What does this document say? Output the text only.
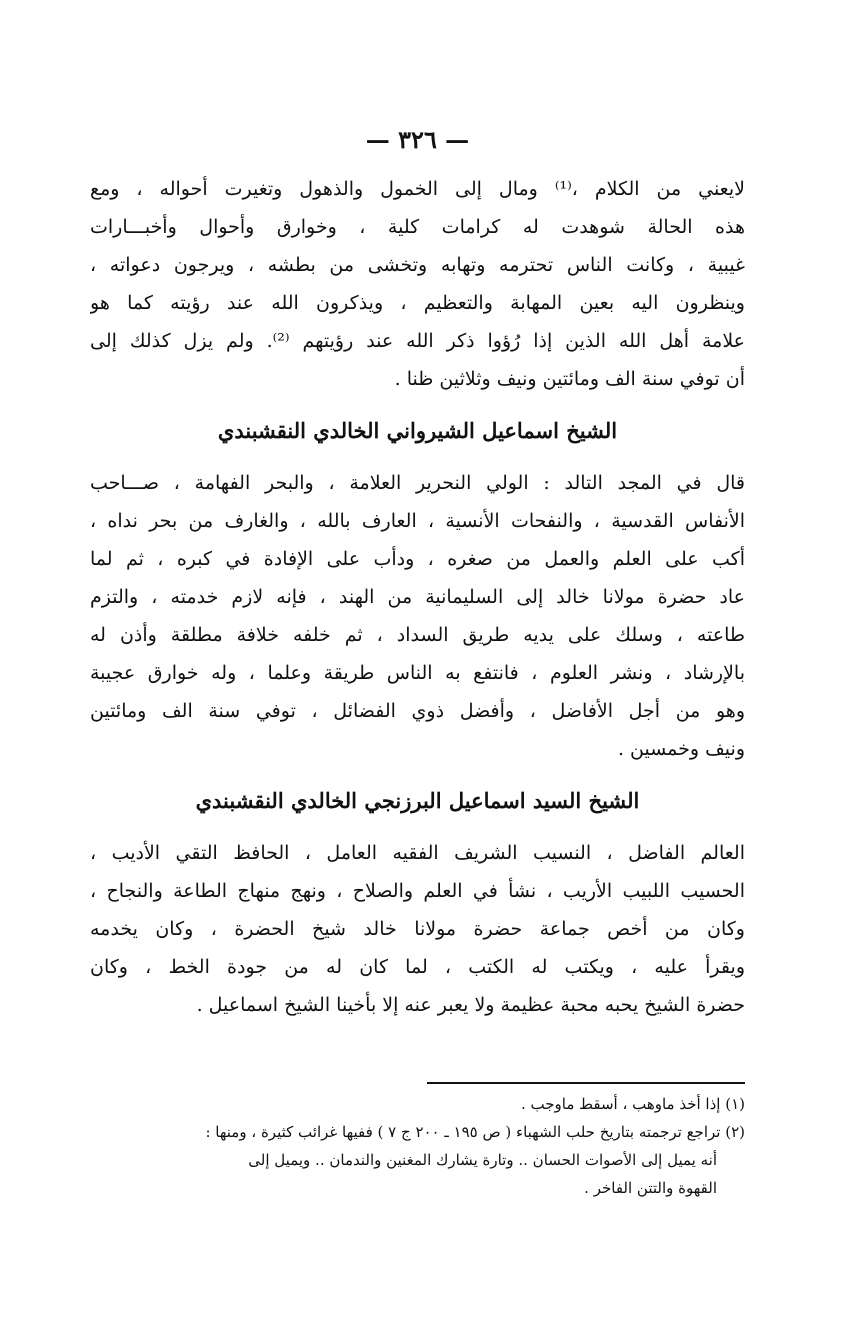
— ٣٢٦ —
لايعني من الكلام ،⁽¹⁾ ومال إلى الخمول والذهول وتغيرت أحواله ، ومع
هذه الحالة شوهدت له كرامات كلية ، وخوارق وأحوال وأخبـــارات
غيبية ، وكانت الناس تحترمه وتهابه وتخشى من بطشه ، ويرجون دعواته ،
وينظرون اليه بعين المهابة والتعظيم ، ويذكرون الله عند رؤيته كما هو
علامة أهل الله الذين إذا رُؤوا ذكر الله عند رؤيتهم ⁽²⁾. ولم يزل كذلك إلى
أن توفي سنة الف ومائتين ونيف وثلاثين ظنا .
الشيخ اسماعيل الشيرواني الخالدي النقشبندي
قال في المجد التالد : الولي النحرير العلامة ، والبحر الفهامة ، صـــاحب
الأنفاس القدسية ، والنفحات الأنسية ، العارف بالله ، والغارف من بحر نداه ،
أكب على العلم والعمل من صغره ، ودأب على الإفادة في كبره ، ثم لما
عاد حضرة مولانا خالد إلى السليمانية من الهند ، فإنه لازم خدمته ، والتزم
طاعته ، وسلك على يديه طريق السداد ، ثم خلفه خلافة مطلقة وأذن له
بالإرشاد ، ونشر العلوم ، فانتفع به الناس طريقة وعلما ، وله خوارق عجيبة
وهو من أجل الأفاضل ، وأفضل ذوي الفضائل ، توفي سنة الف ومائتين
ونيف وخمسين .
الشيخ السيد اسماعيل البرزنجي الخالدي النقشبندي
العالم الفاضل ، النسيب الشريف الفقيه العامل ، الحافظ التقي الأديب ،
الحسيب اللبيب الأريب ، نشأ في العلم والصلاح ، ونهج منهاج الطاعة والنجاح ،
وكان من أخص جماعة حضرة مولانا خالد شيخ الحضرة ، وكان يخدمه
ويقرأ عليه ، ويكتب له الكتب ، لما كان له من جودة الخط ، وكان
حضرة الشيخ يحبه محبة عظيمة ولا يعبر عنه إلا بأخينا الشيخ اسماعيل .
(١) إذا أخذ ماوهب ، أسقط ماوجب .
(٢) تراجع ترجمته بتاريخ حلب الشهباء ( ص ١٩٥ ـ ٢٠٠ ج ٧ ) ففيها غرائب كثيرة ، ومنها :
أنه يميل إلى الأصوات الحسان .. وتارة يشارك المغنين والندمان .. ويميل إلى
القهوة والتتن الفاخر .
